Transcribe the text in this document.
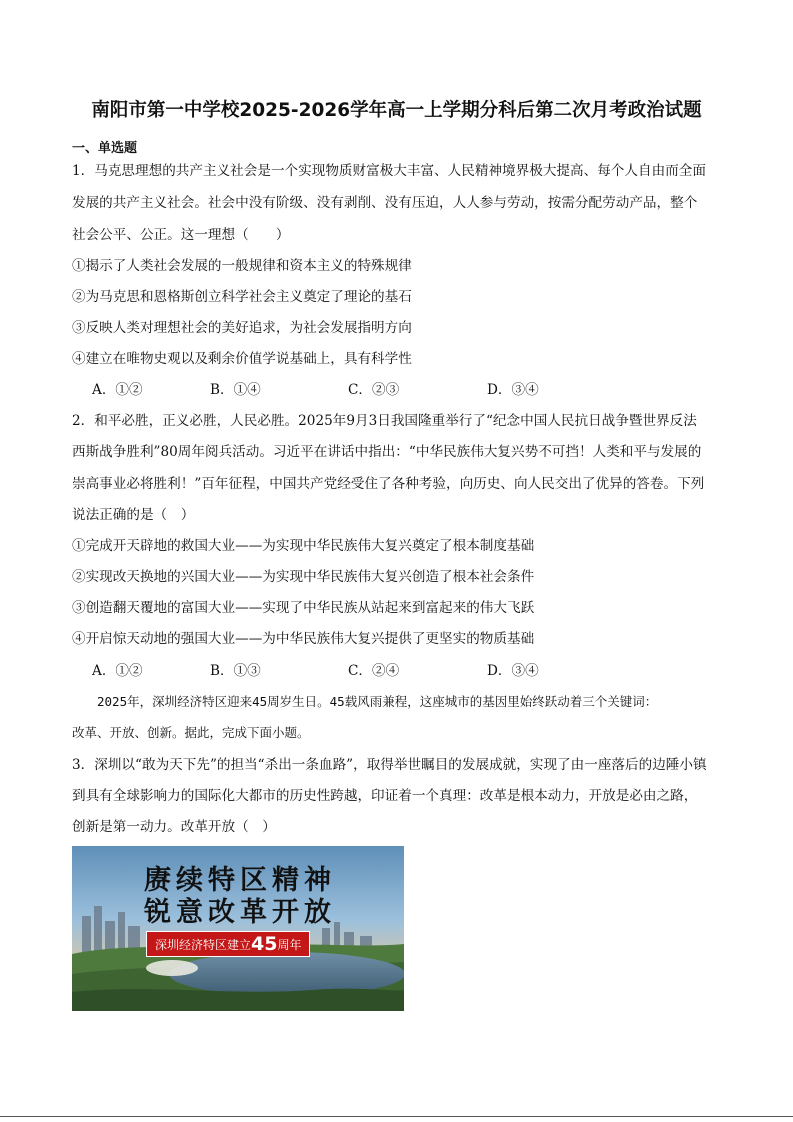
南阳市第一中学校2025-2026学年高一上学期分科后第二次月考政治试题
一、单选题
1．马克思理想的共产主义社会是一个实现物质财富极大丰富、人民精神境界极大提高、每个人自由而全面
发展的共产主义社会。社会中没有阶级、没有剥削、没有压迫，人人参与劳动，按需分配劳动产品，整个
社会公平、公正。这一理想（　　）
①揭示了人类社会发展的一般规律和资本主义的特殊规律
②为马克思和恩格斯创立科学社会主义奠定了理论的基石
③反映人类对理想社会的美好追求，为社会发展指明方向
④建立在唯物史观以及剩余价值学说基础上，具有科学性
A．①②	B．①④	C．②③	D．③④
2．和平必胜，正义必胜，人民必胜。2025年9月3日我国隆重举行了“纪念中国人民抗日战争暨世界反法
西斯战争胜利”80周年阅兵活动。习近平在讲话中指出：“中华民族伟大复兴势不可挡！人类和平与发展的
崇高事业必将胜利！”百年征程，中国共产党经受住了各种考验，向历史、向人民交出了优异的答卷。下列
说法正确的是（　）
①完成开天辟地的救国大业——为实现中华民族伟大复兴奠定了根本制度基础
②实现改天换地的兴国大业——为实现中华民族伟大复兴创造了根本社会条件
③创造翻天覆地的富国大业——实现了中华民族从站起来到富起来的伟大飞跃
④开启惊天动地的强国大业——为中华民族伟大复兴提供了更坚实的物质基础
A．①②	B．①③	C．②④	D．③④
　　2025年，深圳经济特区迎来45周岁生日。45载风雨兼程，这座城市的基因里始终跃动着三个关键词：
改革、开放、创新。据此，完成下面小题。
3．深圳以“敢为天下先”的担当“杀出一条血路”，取得举世瞩目的发展成就，实现了由一座落后的边陲小镇
到具有全球影响力的国际化大都市的历史性跨越，印证着一个真理：改革是根本动力，开放是必由之路，
创新是第一动力。改革开放（　）
赓续特区精神
锐意改革开放
深圳经济特区建立45周年
